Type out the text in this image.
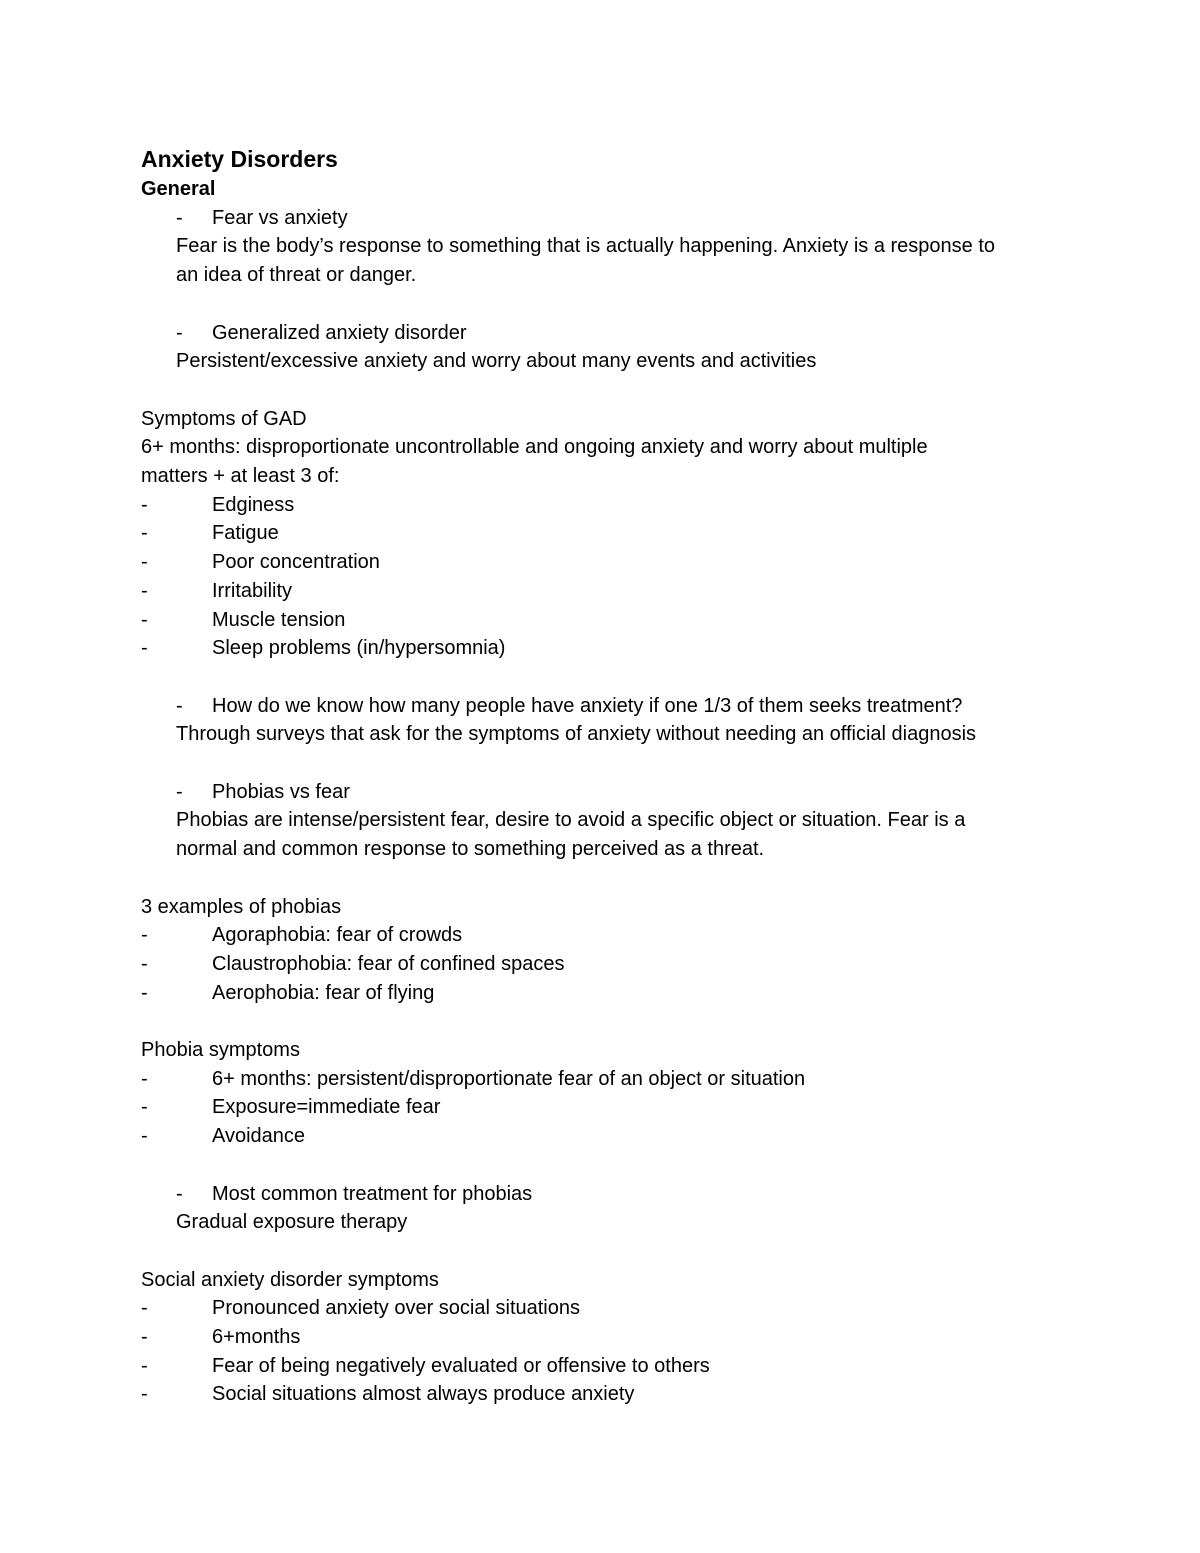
Anxiety Disorders
General
- Fear vs anxiety
Fear is the body’s response to something that is actually happening. Anxiety is a response to
an idea of threat or danger.
- Generalized anxiety disorder
Persistent/excessive anxiety and worry about many events and activities
Symptoms of GAD
6+ months: disproportionate uncontrollable and ongoing anxiety and worry about multiple
matters + at least 3 of:
-	Edginess
-	Fatigue
-	Poor concentration
-	Irritability
-	Muscle tension
-	Sleep problems (in/hypersomnia)
- How do we know how many people have anxiety if one 1/3 of them seeks treatment?
Through surveys that ask for the symptoms of anxiety without needing an official diagnosis
- Phobias vs fear
Phobias are intense/persistent fear, desire to avoid a specific object or situation. Fear is a
normal and common response to something perceived as a threat.
3 examples of phobias
-	Agoraphobia: fear of crowds
-	Claustrophobia: fear of confined spaces
-	Aerophobia: fear of flying
Phobia symptoms
-	6+ months: persistent/disproportionate fear of an object or situation
-	Exposure=immediate fear
-	Avoidance
- Most common treatment for phobias
Gradual exposure therapy
Social anxiety disorder symptoms
-	Pronounced anxiety over social situations
-	6+months
-	Fear of being negatively evaluated or offensive to others
-	Social situations almost always produce anxiety
